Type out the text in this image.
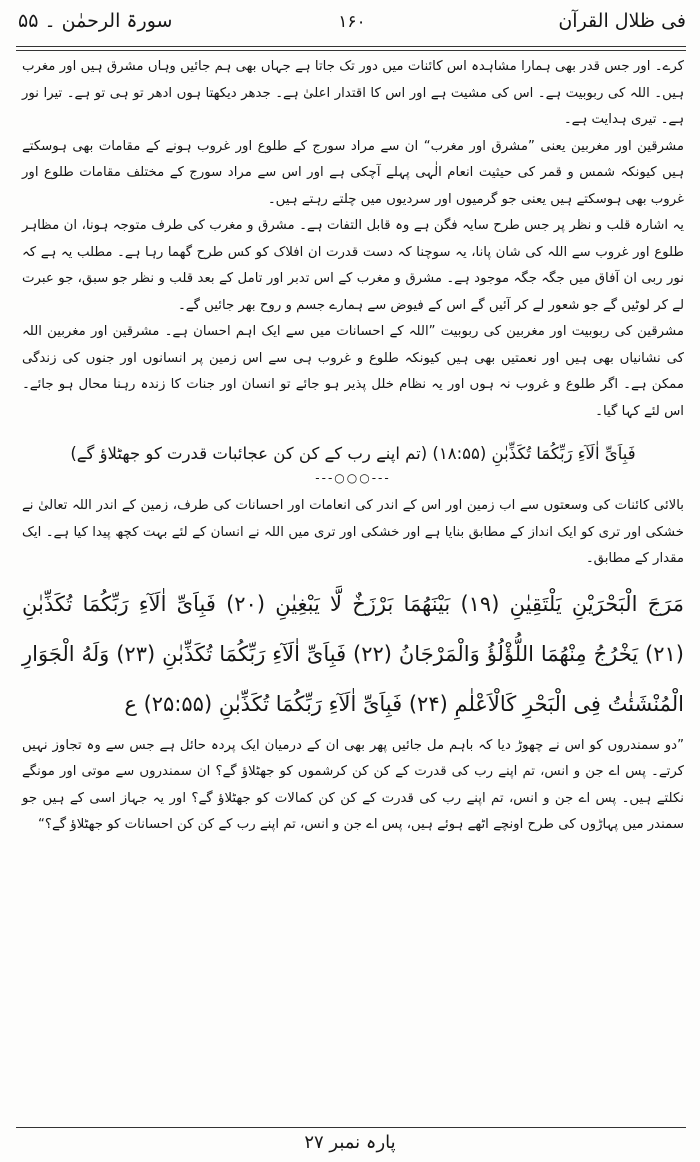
فی ظلال القرآن
۱۶۰
سورۃ الرحمٰن ۔ ۵۵

کرے۔ اور جس قدر بھی ہمارا مشاہدہ اس کائنات میں دور تک جاتا ہے جہاں بھی ہم جائیں وہاں مشرق ہیں اور مغرب ہیں۔ اللہ کی ربوبیت ہے۔ اس کی مشیت ہے اور اس کا اقتدار اعلیٰ ہے۔ جدھر دیکھتا ہوں ادھر تو ہی تو ہے۔ تیرا نور ہے۔ تیری ہدایت ہے۔

مشرقین اور مغربین یعنی ”مشرق اور مغرب“ ان سے مراد سورج کے طلوع اور غروب ہونے کے مقامات بھی ہوسکتے ہیں کیونکہ شمس و قمر کی حیثیت انعام الٰہی پہلے آچکی ہے اور اس سے مراد سورج کے مختلف مقامات طلوع اور غروب بھی ہوسکتے ہیں یعنی جو گرمیوں اور سردیوں میں چلتے رہتے ہیں۔

یہ اشارہ قلب و نظر پر جس طرح سایہ فگن ہے وہ قابل التفات ہے۔ مشرق و مغرب کی طرف متوجہ ہونا، ان مظاہر طلوع اور غروب سے اللہ کی شان پانا، یہ سوچنا کہ دست قدرت ان افلاک کو کس طرح گھما رہا ہے۔ مطلب یہ ہے کہ نور ربی ان آفاق میں جگہ جگہ موجود ہے۔ مشرق و مغرب کے اس تدبر اور تامل کے بعد قلب و نظر جو سبق، جو عبرت لے کر لوٹیں گے جو شعور لے کر آئیں گے اس کے فیوض سے ہمارے جسم و روح بھر جائیں گے۔

مشرقین کی ربوبیت اور مغربین کی ربوبیت ”اللہ کے احسانات میں سے ایک اہم احسان ہے۔ مشرقین اور مغربین اللہ کی نشانیاں بھی ہیں اور نعمتیں بھی ہیں کیونکہ طلوع و غروب ہی سے اس زمین پر انسانوں اور جنوں کی زندگی ممکن ہے۔ اگر طلوع و غروب نہ ہوں اور یہ نظام خلل پذیر ہو جائے تو انسان اور جنات کا زندہ رہنا محال ہو جائے۔ اس لئے کہا گیا۔

فَبِاَیِّ اٰلَآءِ رَبِّكُمَا تُكَذِّبٰنِ (۱۸:۵۵) (تم اپنے رب کے کن کن عجائبات قدرت کو جھٹلاؤ گے)
---○○○---

بالائی کائنات کی وسعتوں سے اب زمین اور اس کے اندر کی انعامات اور احسانات کی طرف، زمین کے اندر اللہ تعالیٰ نے خشکی اور تری کو ایک انداز کے مطابق بنایا ہے اور خشکی اور تری میں اللہ نے انسان کے لئے بہت کچھ پیدا کیا ہے۔ ایک مقدار کے مطابق۔

مَرَجَ الْبَحْرَیْنِ یَلْتَقِیٰنِ (۱۹) بَیْنَهُمَا بَرْزَخٌ لَّا یَبْغِیٰنِ (۲۰) فَبِاَیِّ اٰلَآءِ رَبِّكُمَا تُكَذِّبٰنِ (۲۱) یَخْرُجُ مِنْهُمَا اللُّؤْلُؤُ وَالْمَرْجَانُ (۲۲) فَبِاَیِّ اٰلَآءِ رَبِّكُمَا تُكَذِّبٰنِ (۲۳) وَلَهُ الْجَوَارِ الْمُنْشَئٰتُ فِی الْبَحْرِ كَالْاَعْلٰمِ (۲۴) فَبِاَیِّ اٰلَآءِ رَبِّكُمَا تُكَذِّبٰنِ (۲۵:۵۵) ع

”دو سمندروں کو اس نے چھوڑ دیا کہ باہم مل جائیں پھر بھی ان کے درمیان ایک پردہ حائل ہے جس سے وہ تجاوز نہیں کرتے۔ پس اے جن و انس، تم اپنے رب کی قدرت کے کن کن کرشموں کو جھٹلاؤ گے؟ ان سمندروں سے موتی اور مونگے نکلتے ہیں۔ پس اے جن و انس، تم اپنے رب کی قدرت کے کن کن کمالات کو جھٹلاؤ گے؟ اور یہ جہاز اسی کے ہیں جو سمندر میں پہاڑوں کی طرح اونچے اٹھے ہوئے ہیں، پس اے جن و انس، تم اپنے رب کے کن کن احسانات کو جھٹلاؤ گے؟“

پارہ نمبر ۲۷
